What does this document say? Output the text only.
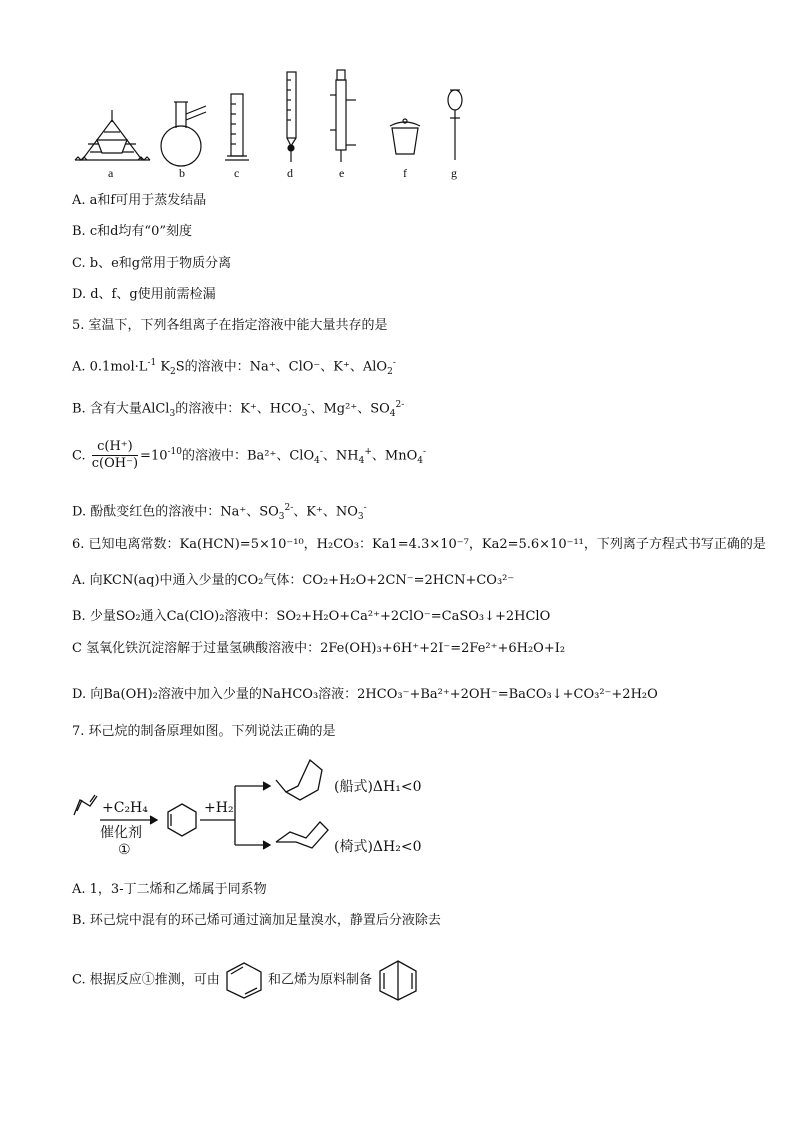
a	b	c	d	e	f	g
A. a和f可用于蒸发结晶
B. c和d均有“0”刻度
C. b、e和g常用于物质分离
D. d、f、g使用前需检漏
5. 室温下，下列各组离子在指定溶液中能大量共存的是
A. $0.1mol\cdot L^{-1}$ $K_2S$的溶液中：Na⁺、ClO⁻、K⁺、AlO$_2$-
B. 含有大量AlCl$_3$的溶液中：K⁺、$HCO_3^-$、Mg²⁺、$SO_4^{2-}$
C. $\frac{c(H^+)}{c(OH^-)} =10^{-10}$的溶液中：Ba²⁺、ClO$_4$-、$NH_4^+$、MnO$_4$-
D. 酚酞变红色的溶液中：Na⁺、$SO_3^{2-}$、K⁺、$NO_3^-$
6. 已知电离常数：Ka(HCN)=5×10⁻¹⁰，H₂CO₃：Ka1=4.3×10⁻⁷，Ka2=5.6×10⁻¹¹，下列离子方程式书写正确的是
A. 向KCN(aq)中通入少量的CO₂气体：CO₂+H₂O+2CN⁻=2HCN+CO₃²⁻
B. 少量SO₂通入Ca(ClO)₂溶液中：SO₂+H₂O+Ca²⁺+2ClO⁻=CaSO₃↓+2HClO
C 氢氧化铁沉淀溶解于过量氢碘酸溶液中：2Fe(OH)₃+6H⁺+2I⁻=2Fe²⁺+6H₂O+I₂
D. 向Ba(OH)₂溶液中加入少量的NaHCO₃溶液：2HCO₃⁻+Ba²⁺+2OH⁻=BaCO₃↓+CO₃²⁻+2H₂O
7. 环己烷的制备原理如图。下列说法正确的是
+C₂H₄
催化剂
①
+H₂
(船式)ΔH₁<0
(椅式)ΔH₂<0
A. 1，3-丁二烯和乙烯属于同系物
B. 环己烷中混有的环己烯可通过滴加足量溴水，静置后分液除去
C. 根据反应①推测，可由	和乙烯为原料制备
